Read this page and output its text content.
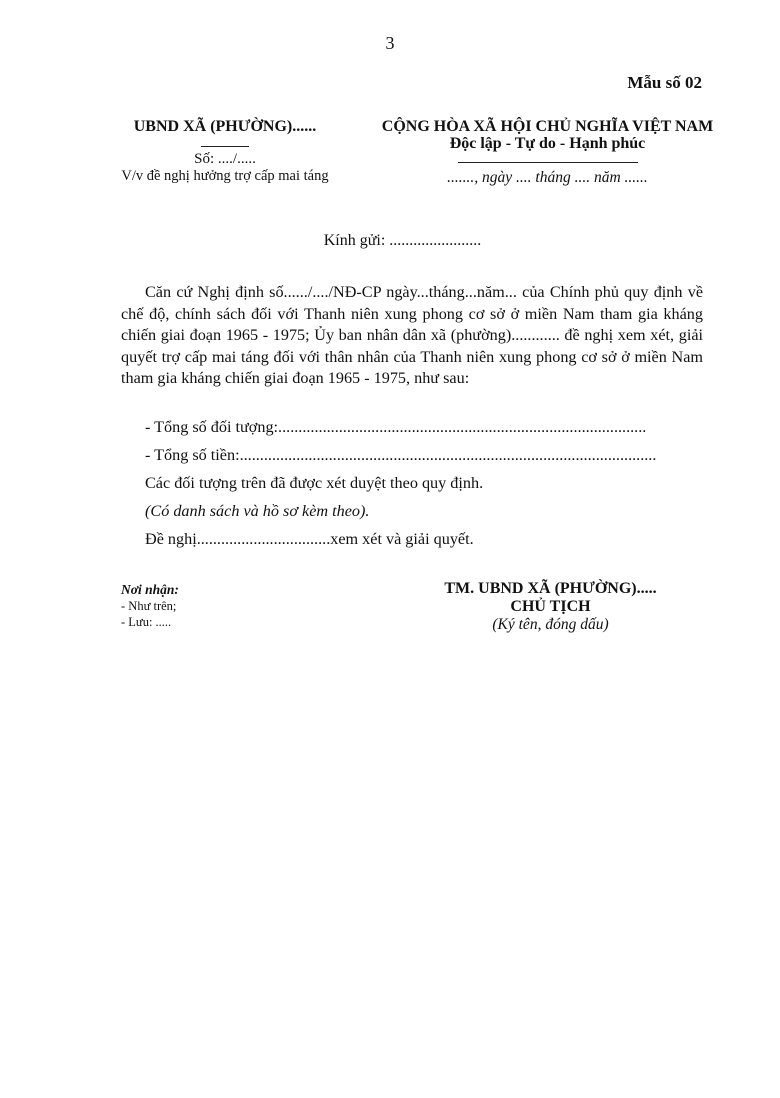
3
Mẫu số 02
UBND XÃ (PHƯỜNG)......
Số: ..../.....
V/v đề nghị hưởng trợ cấp mai táng
CỘNG HÒA XÃ HỘI CHỦ NGHĨA VIỆT NAM
Độc lập - Tự do - Hạnh phúc
......., ngày .... tháng .... năm ......
Kính gửi: .......................

Căn cứ Nghị định số....../..../NĐ-CP ngày...tháng...năm... của Chính phủ quy định về chế độ, chính sách đối với Thanh niên xung phong cơ sở ở miền Nam tham gia kháng chiến giai đoạn 1965 - 1975; Ủy ban nhân dân xã (phường)............ đề nghị xem xét, giải quyết trợ cấp mai táng đối với thân nhân của Thanh niên xung phong cơ sở ở miền Nam tham gia kháng chiến giai đoạn 1965 - 1975, như sau:

- Tổng số đối tượng:...........................................................................................
- Tổng số tiền:.......................................................................................................
Các đối tượng trên đã được xét duyệt theo quy định.
(Có danh sách và hồ sơ kèm theo).
Đề nghị.................................xem xét và giải quyết.
Nơi nhận:
- Như trên;
- Lưu: .....
TM. UBND XÃ (PHƯỜNG).....
CHỦ TỊCH
(Ký tên, đóng dấu)
